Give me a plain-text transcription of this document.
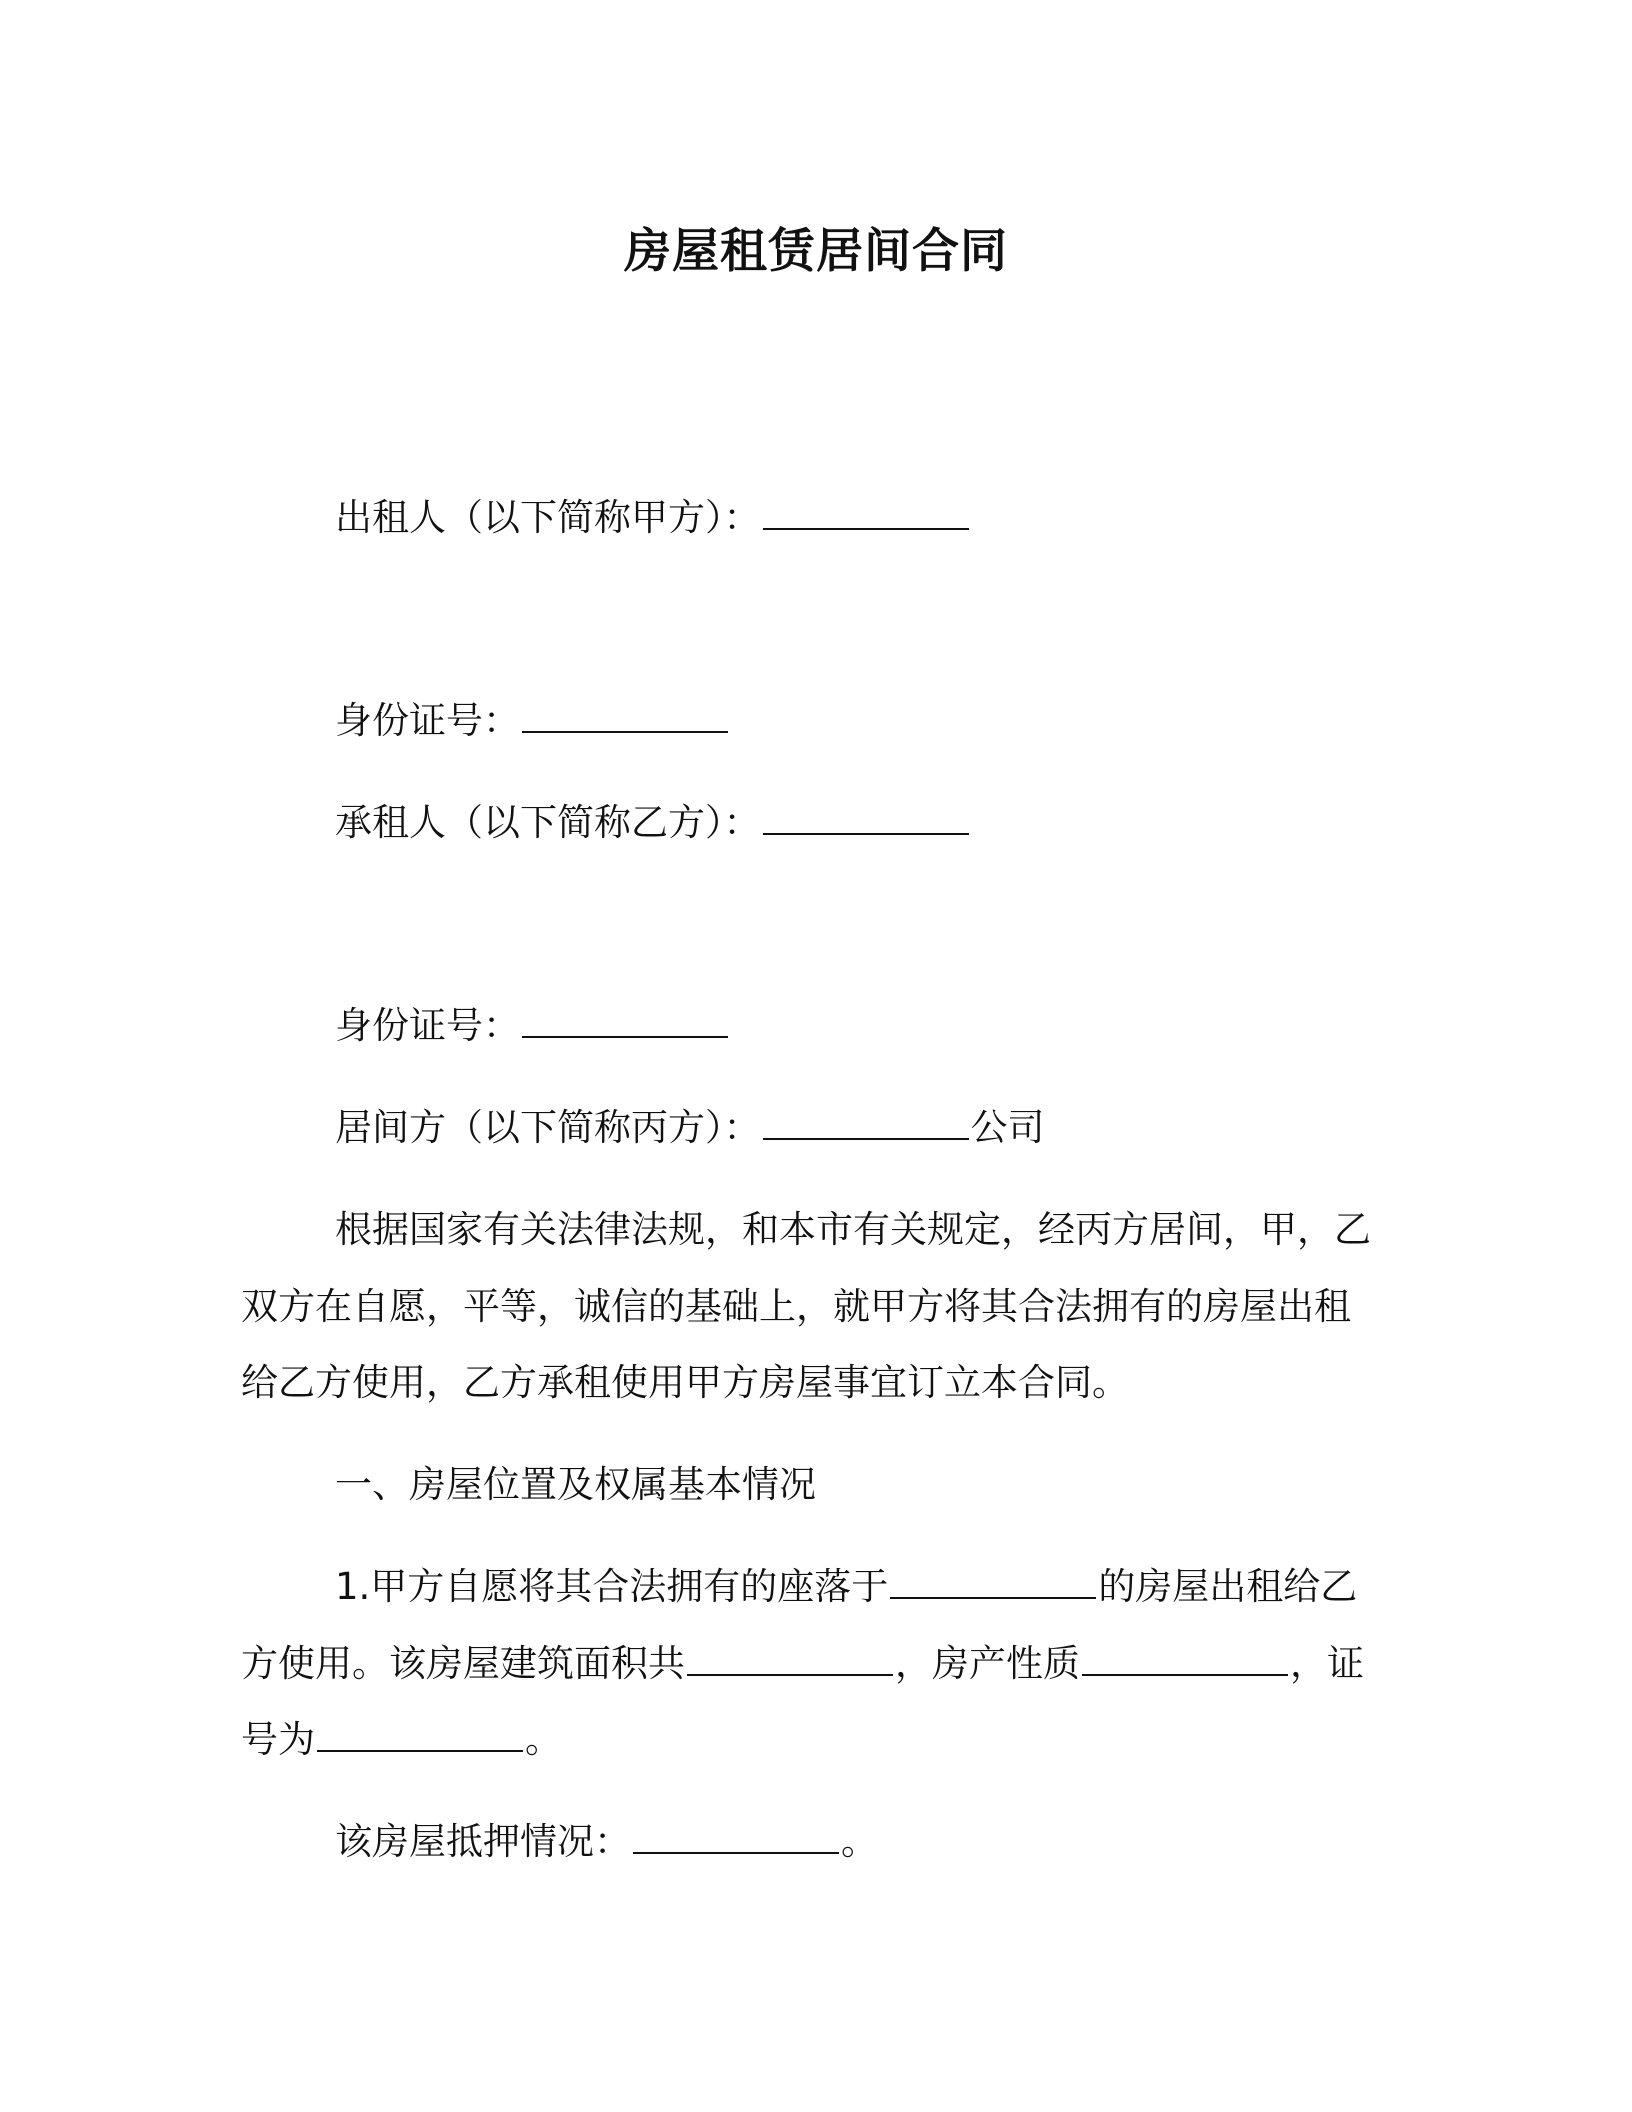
房屋租赁居间合同
出租人（以下简称甲方）：
身份证号：
承租人（以下简称乙方）：
身份证号：
居间方（以下简称丙方）：	公司
根据国家有关法律法规，和本市有关规定，经丙方居间，甲，乙
双方在自愿，平等，诚信的基础上，就甲方将其合法拥有的房屋出租
给乙方使用，乙方承租使用甲方房屋事宜订立本合同。
一、房屋位置及权属基本情况
1.甲方自愿将其合法拥有的座落于	的房屋出租给乙
方使用。该房屋建筑面积共	，房产性质	，证
号为	。
该房屋抵押情况：	。
